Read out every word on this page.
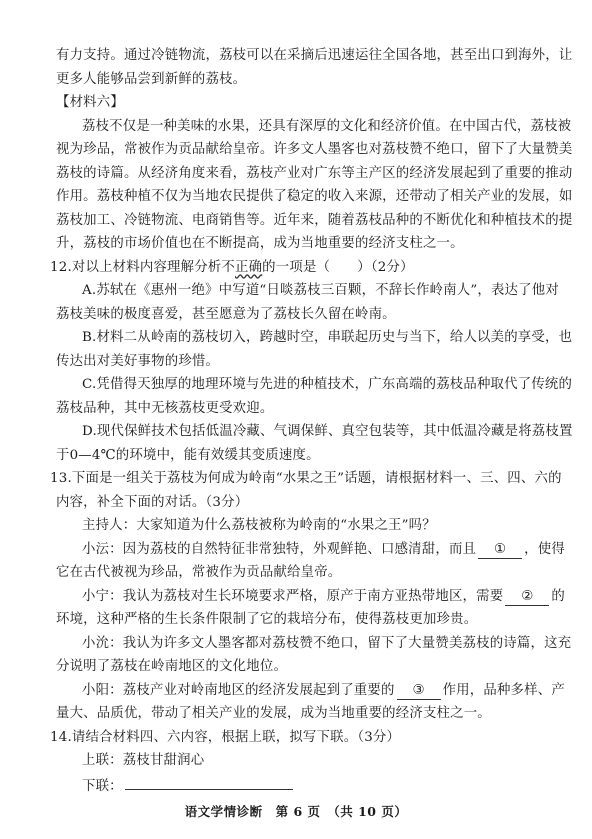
有力支持。通过冷链物流，荔枝可以在采摘后迅速运往全国各地，甚至出口到海外，让
更多人能够品尝到新鲜的荔枝。
【材料六】
荔枝不仅是一种美味的水果，还具有深厚的文化和经济价值。在中国古代，荔枝被
视为珍品，常被作为贡品献给皇帝。许多文人墨客也对荔枝赞不绝口，留下了大量赞美
荔枝的诗篇。从经济角度来看，荔枝产业对广东等主产区的经济发展起到了重要的推动
作用。荔枝种植不仅为当地农民提供了稳定的收入来源，还带动了相关产业的发展，如
荔枝加工、冷链物流、电商销售等。近年来，随着荔枝品种的不断优化和种植技术的提
升，荔枝的市场价值也在不断提高，成为当地重要的经济支柱之一。
12.对以上材料内容理解分析不正确的一项是（　　）（2分）
A.苏轼在《惠州一绝》中写道“日啖荔枝三百颗，不辞长作岭南人”，表达了他对
荔枝美味的极度喜爱，甚至愿意为了荔枝长久留在岭南。
B.材料二从岭南的荔枝切入，跨越时空，串联起历史与当下，给人以美的享受，也
传达出对美好事物的珍惜。
C.凭借得天独厚的地理环境与先进的种植技术，广东高端的荔枝品种取代了传统的
荔枝品种，其中无核荔枝更受欢迎。
D.现代保鲜技术包括低温冷藏、气调保鲜、真空包装等，其中低温冷藏是将荔枝置
于0—4℃的环境中，能有效缓其变质速度。
13.下面是一组关于荔枝为何成为岭南“水果之王”话题，请根据材料一、三、四、六的
内容，补全下面的对话。（3分）
主持人：大家知道为什么荔枝被称为岭南的“水果之王”吗？
小沄：因为荔枝的自然特征非常独特，外观鲜艳、口感清甜，而且 ① ，使得
它在古代被视为珍品，常被作为贡品献给皇帝。
小宁：我认为荔枝对生长环境要求严格，原产于南方亚热带地区，需要 ② 的
环境，这种严格的生长条件限制了它的栽培分布，使得荔枝更加珍贵。
小沇：我认为许多文人墨客都对荔枝赞不绝口，留下了大量赞美荔枝的诗篇，这充
分说明了荔枝在岭南地区的文化地位。
小阳：荔枝产业对岭南地区的经济发展起到了重要的 ③ 作用，品种多样、产
量大、品质优，带动了相关产业的发展，成为当地重要的经济支柱之一。
14.请结合材料四、六内容，根据上联，拟写下联。（3分）
上联：荔枝甘甜润心
语文学情诊断　第 6 页　（共 10 页）
下联：
